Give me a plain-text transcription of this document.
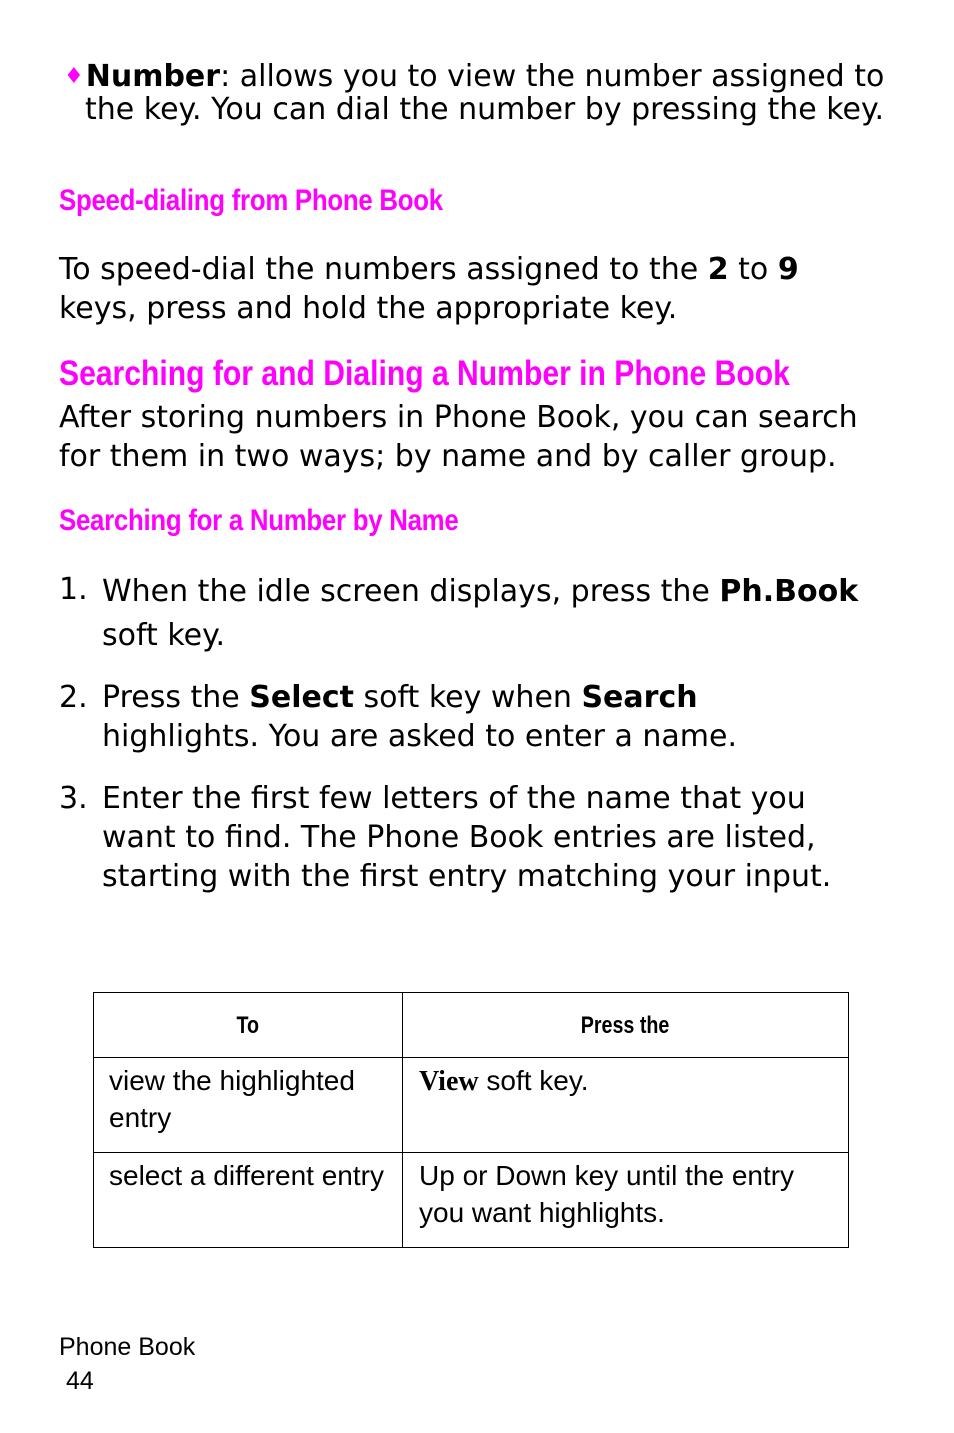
♦Number: allows you to view the number assigned to the key. You can dial the number by pressing the key.
Speed-dialing from Phone Book
To speed-dial the numbers assigned to the 2 to 9 keys, press and hold the appropriate key.
Searching for and Dialing a Number in Phone Book
After storing numbers in Phone Book, you can search for them in two ways; by name and by caller group.
Searching for a Number by Name
1. When the idle screen displays, press the Ph.Book soft key.
2. Press the Select soft key when Search highlights. You are asked to enter a name.
3. Enter the first few letters of the name that you want to find. The Phone Book entries are listed, starting with the first entry matching your input.
To	Press the
view the highlighted entry	View soft key.
select a different entry	Up or Down key until the entry you want highlights.
Phone Book
44
